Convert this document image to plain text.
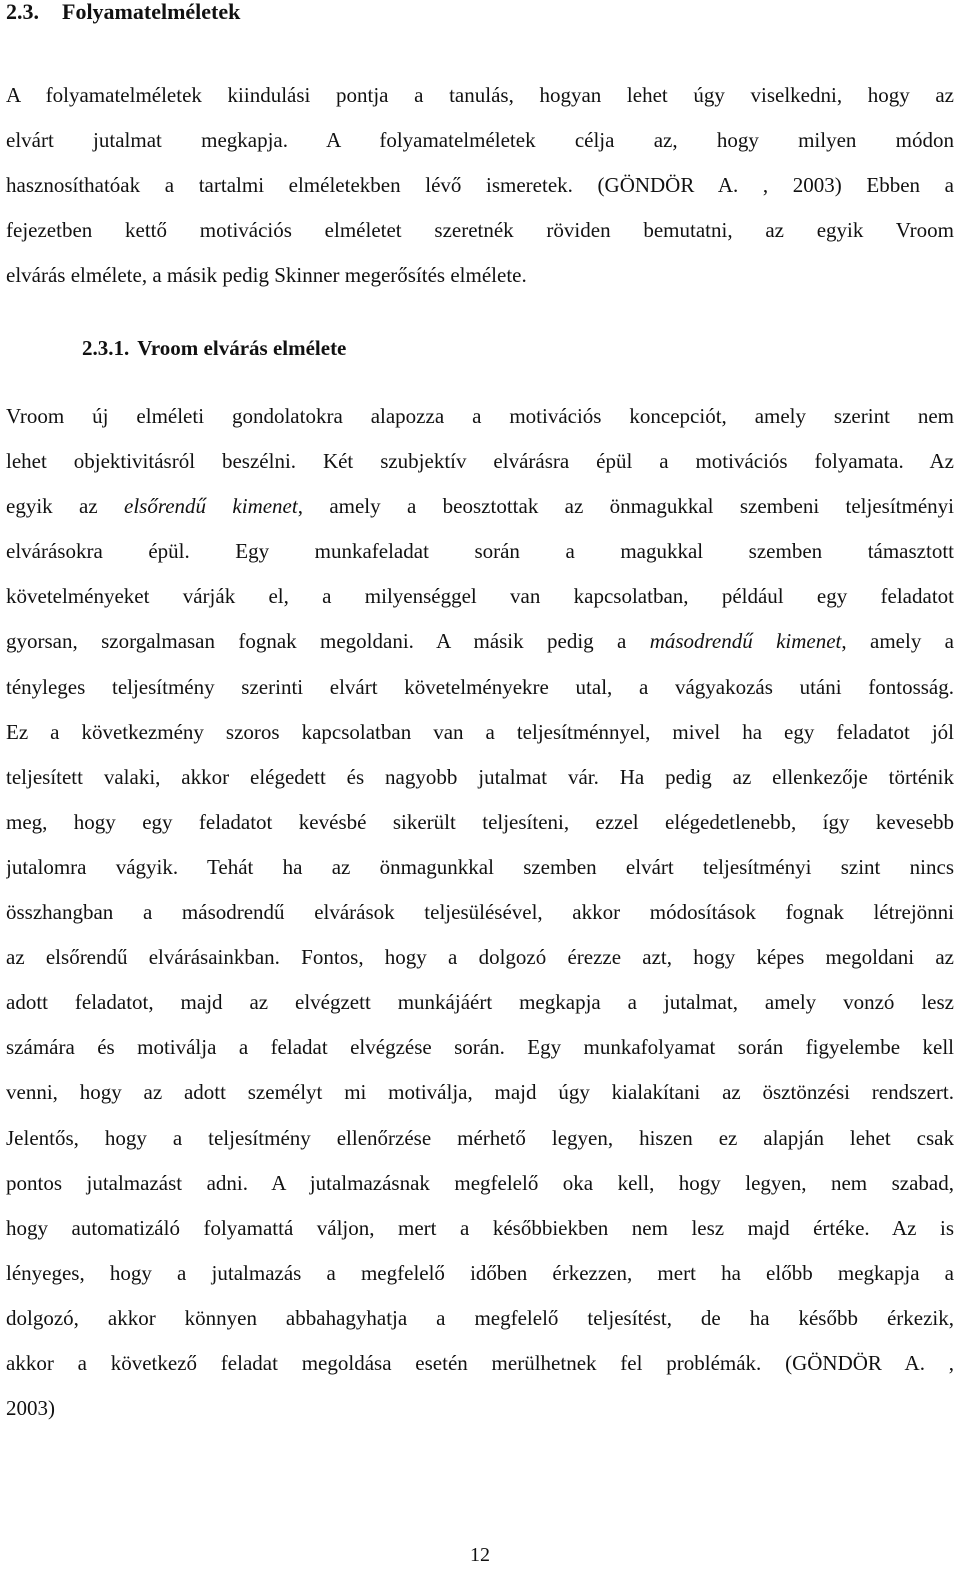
2.3. Folyamatelméletek
A folyamatelméletek kiindulási pontja a tanulás, hogyan lehet úgy viselkedni, hogy az
elvárt jutalmat megkapja. A folyamatelméletek célja az, hogy milyen módon
hasznosíthatóak a tartalmi elméletekben lévő ismeretek. (GÖNDÖR A. , 2003) Ebben a
fejezetben kettő motivációs elméletet szeretnék röviden bemutatni, az egyik Vroom
elvárás elmélete, a másik pedig Skinner megerősítés elmélete.
2.3.1. Vroom elvárás elmélete
Vroom új elméleti gondolatokra alapozza a motivációs koncepciót, amely szerint nem
lehet objektivitásról beszélni. Két szubjektív elvárásra épül a motivációs folyamata. Az
egyik az elsőrendű kimenet, amely a beosztottak az önmagukkal szembeni teljesítményi
elvárásokra épül. Egy munkafeladat során a magukkal szemben támasztott
követelményeket várják el, a milyenséggel van kapcsolatban, például egy feladatot
gyorsan, szorgalmasan fognak megoldani. A másik pedig a másodrendű kimenet, amely a
tényleges teljesítmény szerinti elvárt követelményekre utal, a vágyakozás utáni fontosság.
Ez a következmény szoros kapcsolatban van a teljesítménnyel, mivel ha egy feladatot jól
teljesített valaki, akkor elégedett és nagyobb jutalmat vár. Ha pedig az ellenkezője történik
meg, hogy egy feladatot kevésbé sikerült teljesíteni, ezzel elégedetlenebb, így kevesebb
jutalomra vágyik. Tehát ha az önmagunkkal szemben elvárt teljesítményi szint nincs
összhangban a másodrendű elvárások teljesülésével, akkor módosítások fognak létrejönni
az elsőrendű elvárásainkban. Fontos, hogy a dolgozó érezze azt, hogy képes megoldani az
adott feladatot, majd az elvégzett munkájáért megkapja a jutalmat, amely vonzó lesz
számára és motiválja a feladat elvégzése során. Egy munkafolyamat során figyelembe kell
venni, hogy az adott személyt mi motiválja, majd úgy kialakítani az ösztönzési rendszert.
Jelentős, hogy a teljesítmény ellenőrzése mérhető legyen, hiszen ez alapján lehet csak
pontos jutalmazást adni. A jutalmazásnak megfelelő oka kell, hogy legyen, nem szabad,
hogy automatizáló folyamattá váljon, mert a későbbiekben nem lesz majd értéke. Az is
lényeges, hogy a jutalmazás a megfelelő időben érkezzen, mert ha előbb megkapja a
dolgozó, akkor könnyen abbahagyhatja a megfelelő teljesítést, de ha később érkezik,
akkor a következő feladat megoldása esetén merülhetnek fel problémák. (GÖNDÖR A. ,
2003)
12
